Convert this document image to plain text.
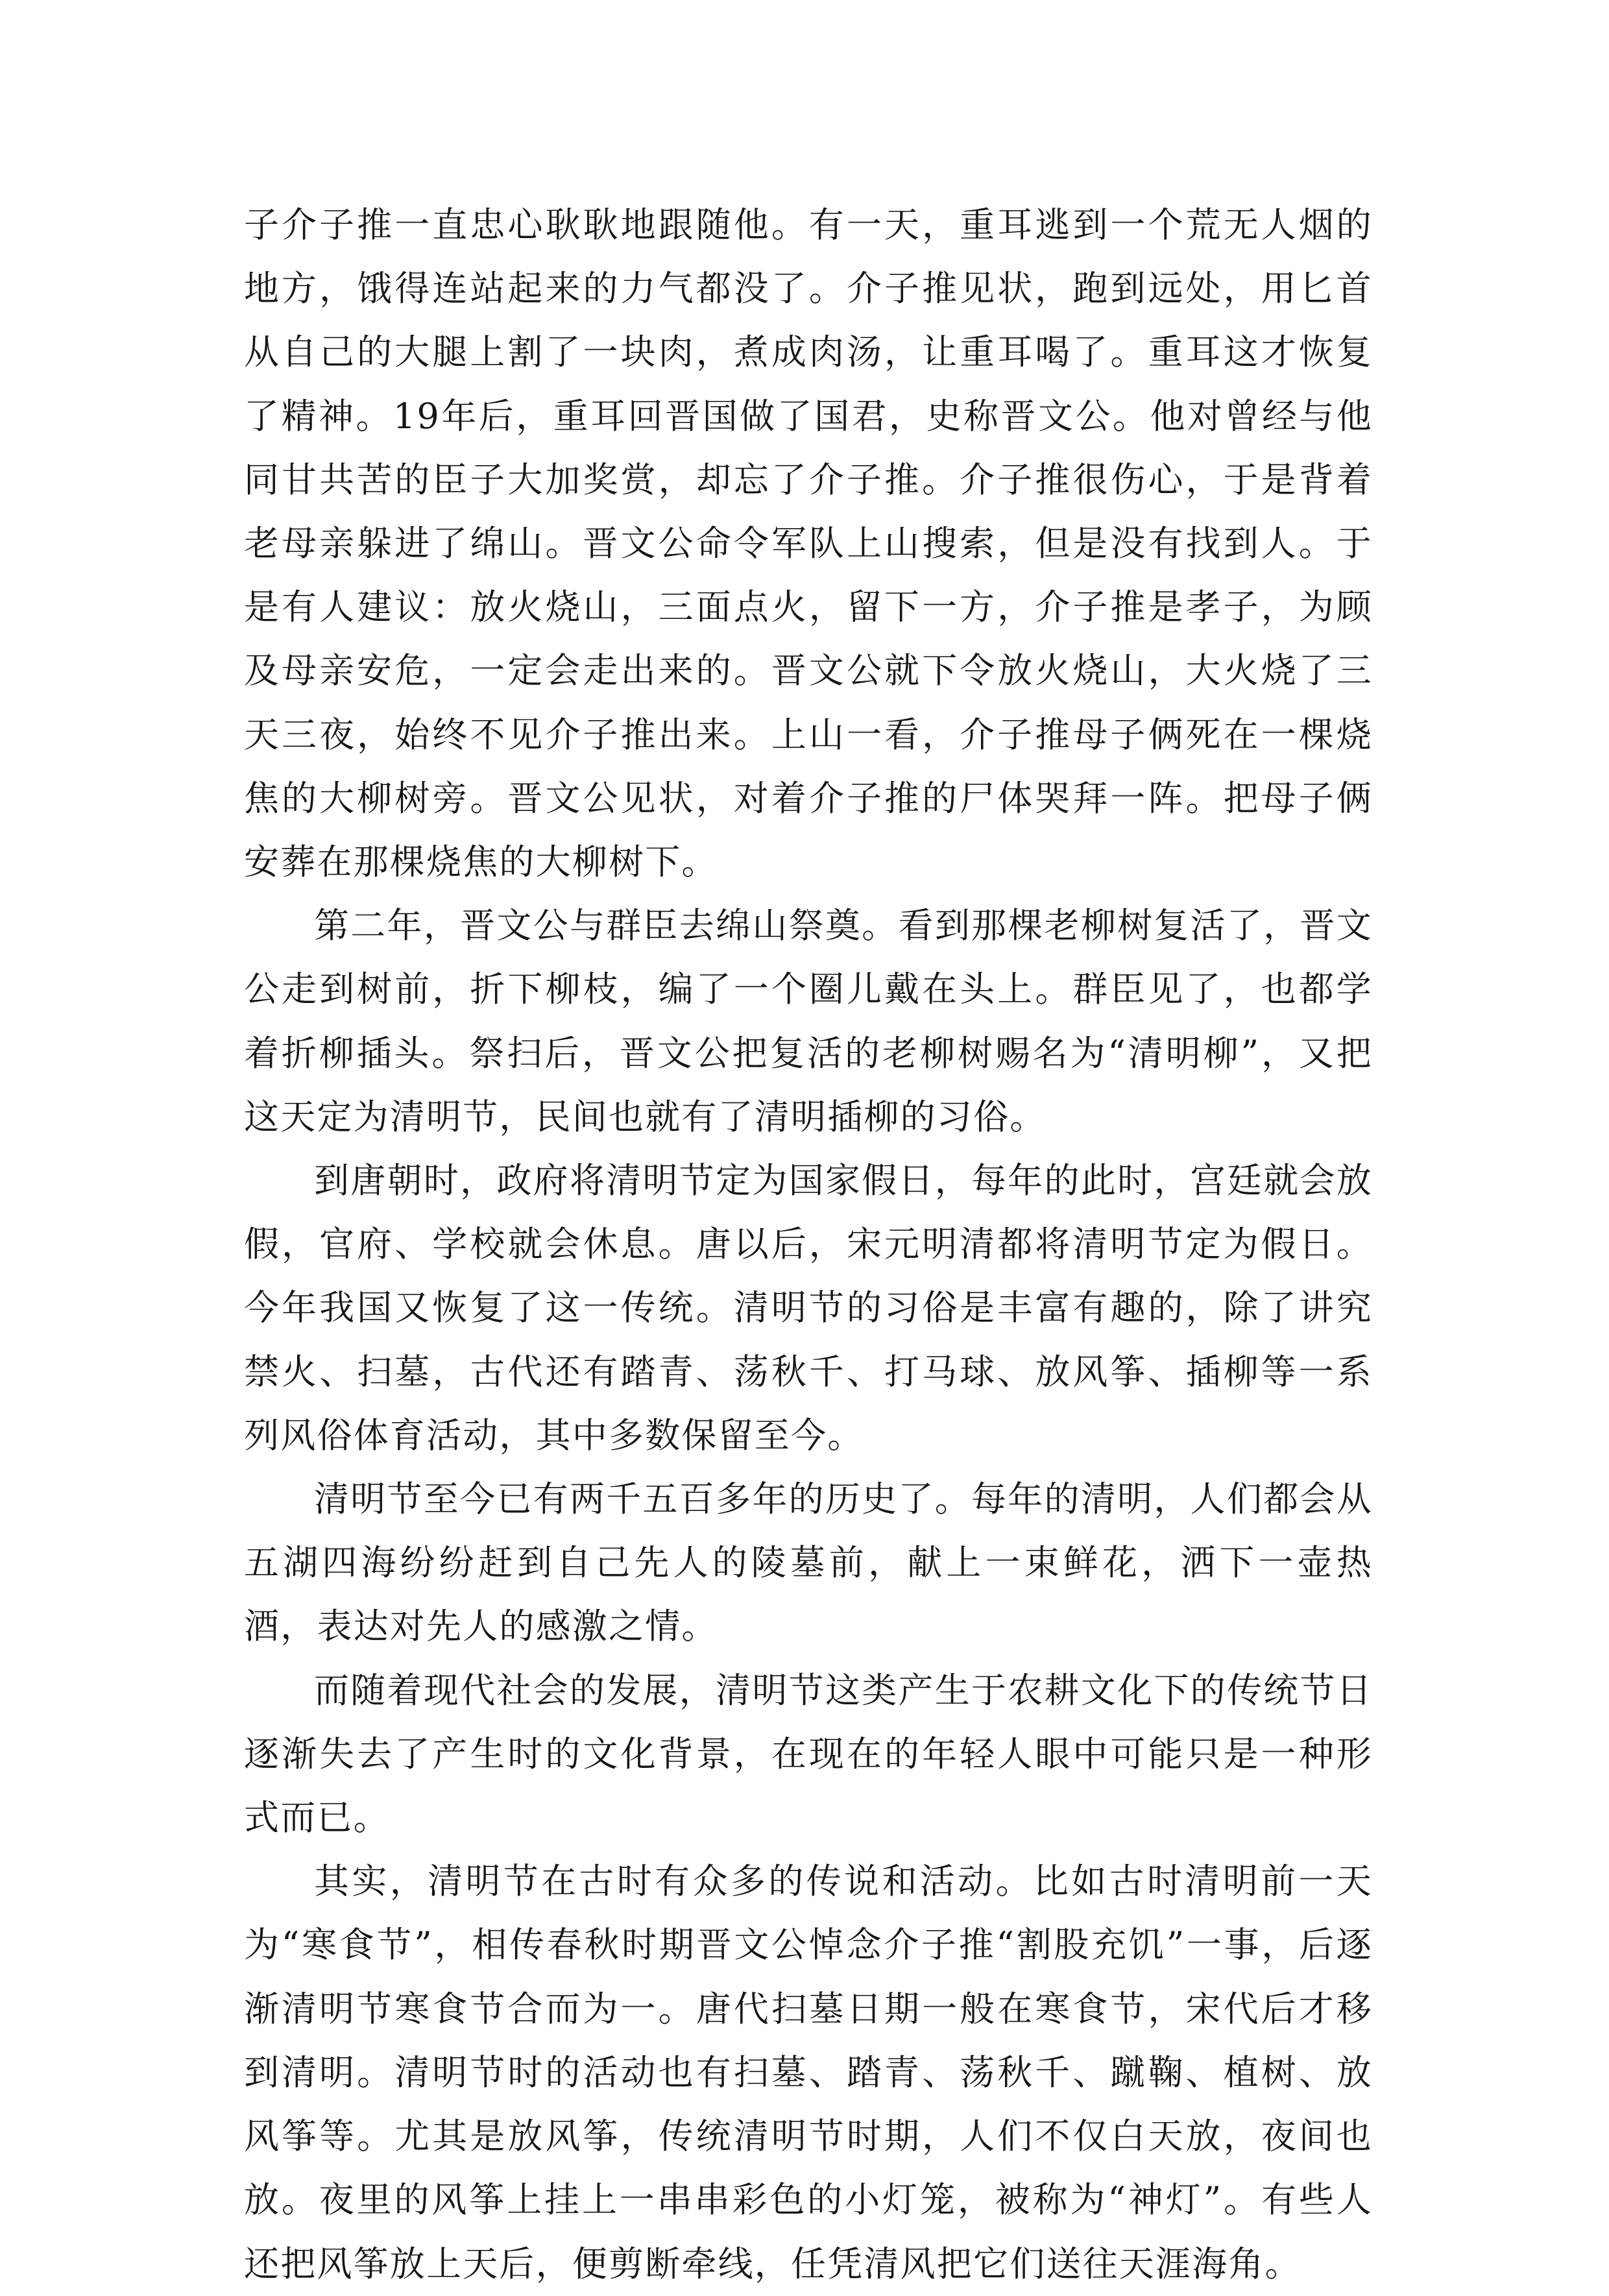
子介子推一直忠心耿耿地跟随他。有一天，重耳逃到一个荒无人烟的地方，饿得连站起来的力气都没了。介子推见状，跑到远处，用匕首从自己的大腿上割了一块肉，煮成肉汤，让重耳喝了。重耳这才恢复了精神。19年后，重耳回晋国做了国君，史称晋文公。他对曾经与他同甘共苦的臣子大加奖赏，却忘了介子推。介子推很伤心，于是背着老母亲躲进了绵山。晋文公命令军队上山搜索，但是没有找到人。于是有人建议：放火烧山，三面点火，留下一方，介子推是孝子，为顾及母亲安危，一定会走出来的。晋文公就下令放火烧山，大火烧了三天三夜，始终不见介子推出来。上山一看，介子推母子俩死在一棵烧焦的大柳树旁。晋文公见状，对着介子推的尸体哭拜一阵。把母子俩安葬在那棵烧焦的大柳树下。

第二年，晋文公与群臣去绵山祭奠。看到那棵老柳树复活了，晋文公走到树前，折下柳枝，编了一个圈儿戴在头上。群臣见了，也都学着折柳插头。祭扫后，晋文公把复活的老柳树赐名为“清明柳”，又把这天定为清明节，民间也就有了清明插柳的习俗。

到唐朝时，政府将清明节定为国家假日，每年的此时，宫廷就会放假，官府、学校就会休息。唐以后，宋元明清都将清明节定为假日。今年我国又恢复了这一传统。清明节的习俗是丰富有趣的，除了讲究禁火、扫墓，古代还有踏青、荡秋千、打马球、放风筝、插柳等一系列风俗体育活动，其中多数保留至今。

清明节至今已有两千五百多年的历史了。每年的清明，人们都会从五湖四海纷纷赶到自己先人的陵墓前，献上一束鲜花，洒下一壶热酒，表达对先人的感激之情。

而随着现代社会的发展，清明节这类产生于农耕文化下的传统节日逐渐失去了产生时的文化背景，在现在的年轻人眼中可能只是一种形式而已。

其实，清明节在古时有众多的传说和活动。比如古时清明前一天为“寒食节”，相传春秋时期晋文公悼念介子推“割股充饥”一事，后逐渐清明节寒食节合而为一。唐代扫墓日期一般在寒食节，宋代后才移到清明。清明节时的活动也有扫墓、踏青、荡秋千、蹴鞠、植树、放风筝等。尤其是放风筝，传统清明节时期，人们不仅白天放，夜间也放。夜里的风筝上挂上一串串彩色的小灯笼，被称为“神灯”。有些人还把风筝放上天后，便剪断牵线，任凭清风把它们送往天涯海角。
